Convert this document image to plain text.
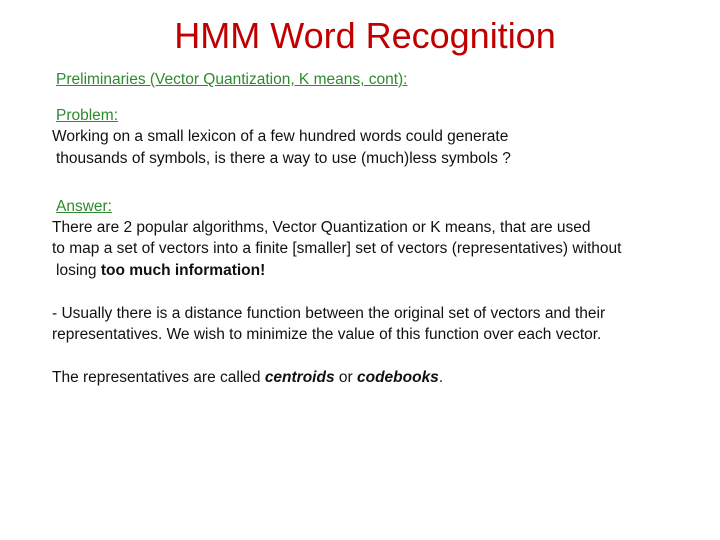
HMM Word Recognition
Preliminaries (Vector Quantization, K means, cont):
Problem:
Working on a small lexicon of a few hundred words could generate
thousands of symbols, is there a way to use (much)less symbols ?
Answer:
There are 2 popular algorithms, Vector Quantization or K means, that are used
to map a set of vectors into a finite [smaller] set of vectors (representatives) without
losing too much information!
- Usually there is a distance function between the original set of vectors and their
representatives. We wish to minimize the value of this function over each vector.
The representatives are called centroids or codebooks.
